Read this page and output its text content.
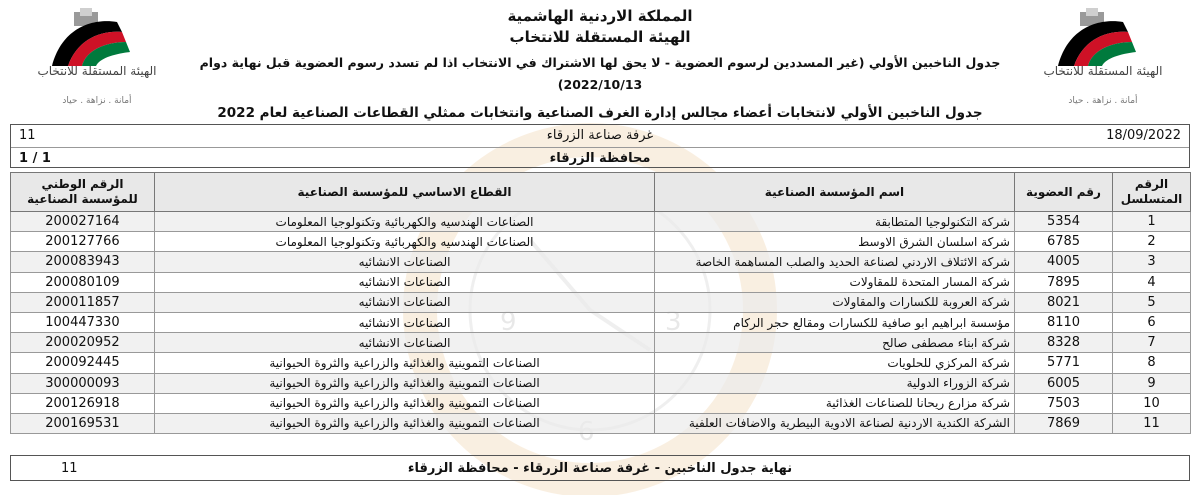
9	3
الهيئة المستقلة للانتخاب
أمانة . نزاهة . حياد
الهيئة المستقلة للانتخاب
أمانة . نزاهة . حياد
المملكة الاردنية الهاشمية
الهيئة المستقلة للانتخاب
جدول الناخبين الأولي (غير المسددين لرسوم العضوية - لا يحق لها الاشتراك في الانتخاب اذا لم تسدد رسوم العضوية قبل نهاية دوام 2022/10/13)
جدول الناخبين الأولي لانتخابات أعضاء مجالس إدارة الغرف الصناعية وانتخابات ممثلي القطاعات الصناعية لعام 2022
11	غرفة صناعة الزرقاء	18/09/2022
1 / 1	محافظة الزرقاء
الرقم المتسلسل	رقم العضوية	اسم المؤسسة الصناعية	القطاع الاساسي للمؤسسة الصناعية	الرقم الوطني للمؤسسة الصناعية
1	5354	شركة التكنولوجيا المتطابقة	الصناعات الهندسيه والكهربائية وتكنولوجيا المعلومات	200027164
2	6785	شركة اسلسان الشرق الاوسط	الصناعات الهندسيه والكهربائية وتكنولوجيا المعلومات	200127766
3	4005	شركة الائتلاف الاردني لصناعة الحديد والصلب المساهمة الخاصة	الصناعات الانشائيه	200083943
4	7895	شركة المسار المتحدة للمقاولات	الصناعات الانشائيه	200080109
5	8021	شركة العروبة للكسارات والمقاولات	الصناعات الانشائيه	200011857
6	8110	مؤسسة ابراهيم ابو صافية للكسارات ومقالع حجر الركام	الصناعات الانشائيه	100447330
7	8328	شركة ابناء مصطفى صالح	الصناعات الانشائيه	200020952
8	5771	شركة المركزي للحلويات	الصناعات التموينية والغذائية والزراعية والثروة الحيوانية	200092445
9	6005	شركة الزوراء الدولية	الصناعات التموينية والغذائية والزراعية والثروة الحيوانية	300000093
10	7503	شركة مزارع ريحانا للصناعات الغذائية	الصناعات التموينية والغذائية والزراعية والثروة الحيوانية	200126918
11	7869	الشركة الكندية الاردنية لصناعة الادوية البيطرية والاضافات العلفية	الصناعات التموينية والغذائية والزراعية والثروة الحيوانية	200169531
11	نهاية جدول الناخبين - غرفة صناعة الزرقاء - محافظة الزرقاء
